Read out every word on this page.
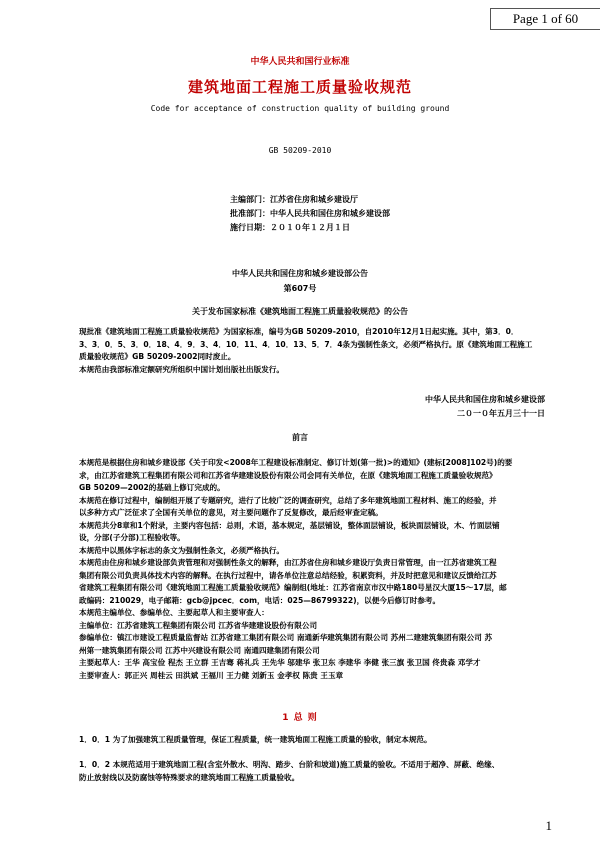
Page 1 of 60
中华人民共和国行业标准
建筑地面工程施工质量验收规范
Code for acceptance of construction quality of building ground
GB 50209-2010
主编部门：江苏省住房和城乡建设厅
批准部门：中华人民共和国住房和城乡建设部
施行日期：２０１０年１２月１日
中华人民共和国住房和城乡建设部公告
第607号
关于发布国家标准《建筑地面工程施工质量验收规范》的公告
现批准《建筑地面工程施工质量验收规范》为国家标准，编号为GB 50209-2010，自2010年12月1日起实施。其中，第3．0．
3、3．0．5、3．0．18、4．9．3、4．10．11、4．10．13、5．7．4条为强制性条文，必须严格执行。原《建筑地面工程施工
质量验收规范》GB 50209-2002同时废止。
本规范由我部标准定额研究所组织中国计划出版社出版发行。
中华人民共和国住房和城乡建设部
二０一０年五月三十一日
前言
本规范是根据住房和城乡建设部《关于印发<2008年工程建设标准制定、修订计划(第一批)>的通知》(建标[2008]102号)的要
求，由江苏省建筑工程集团有限公司和江苏省华建建设股份有限公司会同有关单位，在原《建筑地面工程施工质量验收规范》
GB 50209—2002的基础上修订完成的。
本规范在修订过程中，编制组开展了专题研究，进行了比较广泛的调查研究，总结了多年建筑地面工程材料、施工的经验，并
以多种方式广泛征求了全国有关单位的意见，对主要问题作了反复修改，最后经审查定稿。
本规范共分8章和1个附录，主要内容包括：总则，术语，基本规定，基层铺设，整体面层铺设，板块面层铺设，木、竹面层铺
设，分部(子分部)工程验收等。
本规范中以黑体字标志的条文为强制性条文，必须严格执行。
本规范由住房和城乡建设部负责管理和对强制性条文的解释，由江苏省住房和城乡建设厅负责日常管理，由一江苏省建筑工程
集团有限公司负责具体技术内容的解释。在执行过程中，请各单位注意总结经验，积累资料，并及时把意见和建议反馈给江苏
省建筑工程集团有限公司《建筑地面工程施工质量验收规范》编制组(地址：江苏省南京市汉中路180号星汉大厦15～17层，邮
政编码：210029，电子邮箱：gcb@jpcec．com，电话：025—86799322)，以便今后修订时参考。
本规范主编单位、参编单位、主要起草人和主要审查人：
主编单位：江苏省建筑工程集团有限公司 江苏省华建建设股份有限公司
参编单位：镇江市建设工程质量监督站 江苏省建工集团有限公司 南通新华建筑集团有限公司 苏州二建建筑集团有限公司 苏
州第一建筑集团有限公司 江苏中兴建设有限公司 南通四建集团有限公司
主要起草人：王华 高宝俭 程杰 王立群 王吉骞 蒋礼兵 王先华 邬建华 张卫东 李建华 李健 张三旗 张卫国 佟贵森 邓学才
主要审查人：郭正兴 周桂云 田洪斌 王福川 王力健 刘新玉 金孝权 陈贵 王玉章
1 总 则
1．0．1 为了加强建筑工程质量管理，保证工程质量，统一建筑地面工程施工质量的验收，制定本规范。
1．0．2 本规范适用于建筑地面工程(含室外散水、明沟、踏步、台阶和坡道)施工质量的验收。不适用于超净、屏蔽、绝缘、
防止放射线以及防腐蚀等特殊要求的建筑地面工程施工质量验收。
1
